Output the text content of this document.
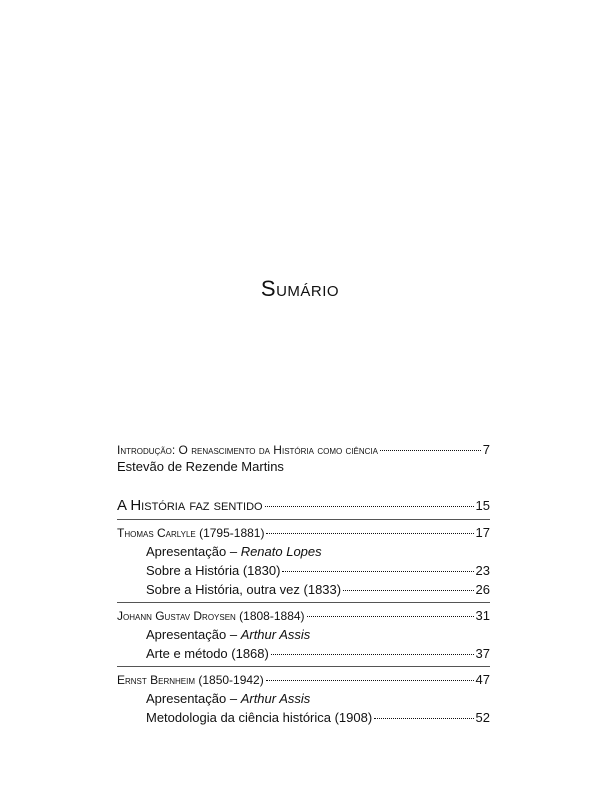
Sumário
Introdução: O renascimento da História como ciência	7
Estevão de Rezende Martins
A História faz sentido	15
Thomas Carlyle (1795-1881)	17
Apresentação – Renato Lopes
Sobre a História (1830)	23
Sobre a História, outra vez (1833)	26
Johann Gustav Droysen (1808-1884)	31
Apresentação – Arthur Assis
Arte e método (1868)	37
Ernst Bernheim (1850-1942)	47
Apresentação – Arthur Assis
Metodologia da ciência histórica (1908)	52
